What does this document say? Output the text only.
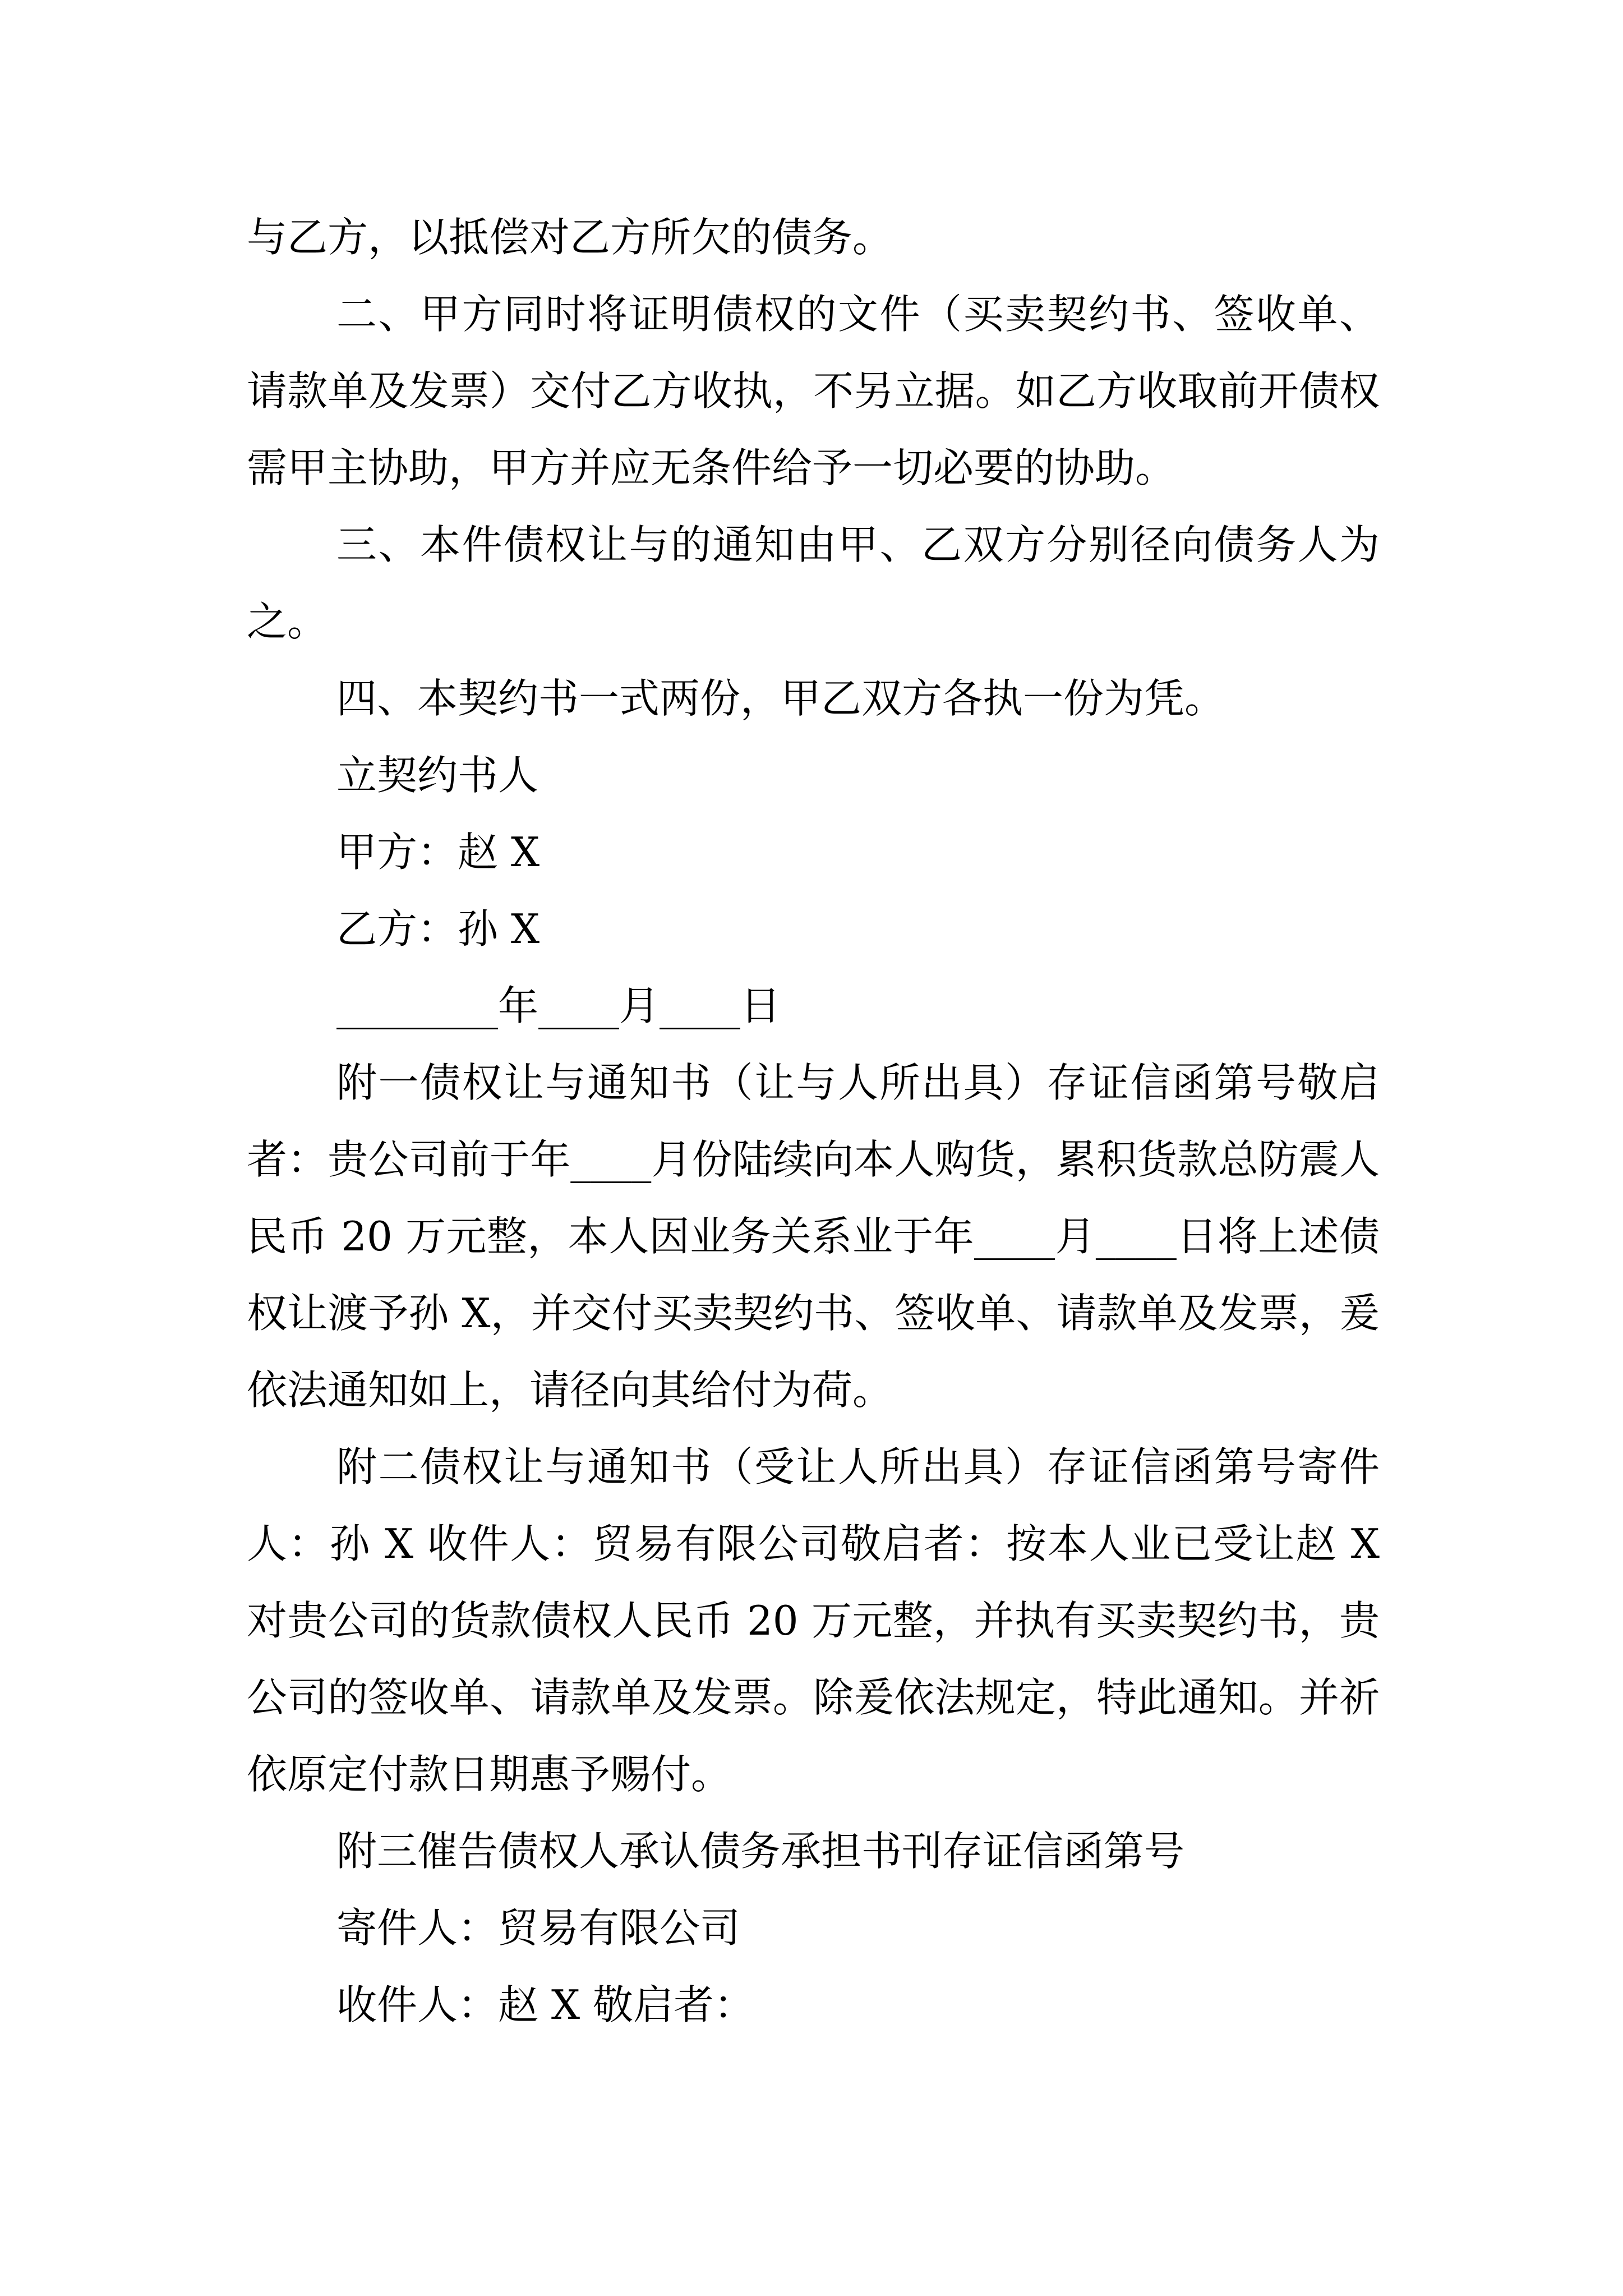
与乙方，以抵偿对乙方所欠的债务。

二、甲方同时将证明债权的文件（买卖契约书、签收单、请款单及发票）交付乙方收执，不另立据。如乙方收取前开债权需甲主协助，甲方并应无条件给予一切必要的协助。

三、本件债权让与的通知由甲、乙双方分别径向债务人为之。

四、本契约书一式两份，甲乙双方各执一份为凭。

立契约书人

甲方：赵 X

乙方：孙 X

________年____月____日

附一债权让与通知书（让与人所出具）存证信函第号敬启者：贵公司前于年____月份陆续向本人购货，累积货款总防震人民币 20 万元整，本人因业务关系业于年____月____日将上述债权让渡予孙 X，并交付买卖契约书、签收单、请款单及发票，爰依法通知如上，请径向其给付为荷。

附二债权让与通知书（受让人所出具）存证信函第号寄件人：孙 X 收件人：贸易有限公司敬启者：按本人业已受让赵 X 对贵公司的货款债权人民币 20 万元整，并执有买卖契约书，贵公司的签收单、请款单及发票。除爰依法规定，特此通知。并祈依原定付款日期惠予赐付。

附三催告债权人承认债务承担书刊存证信函第号

寄件人：贸易有限公司

收件人：赵 X 敬启者：
